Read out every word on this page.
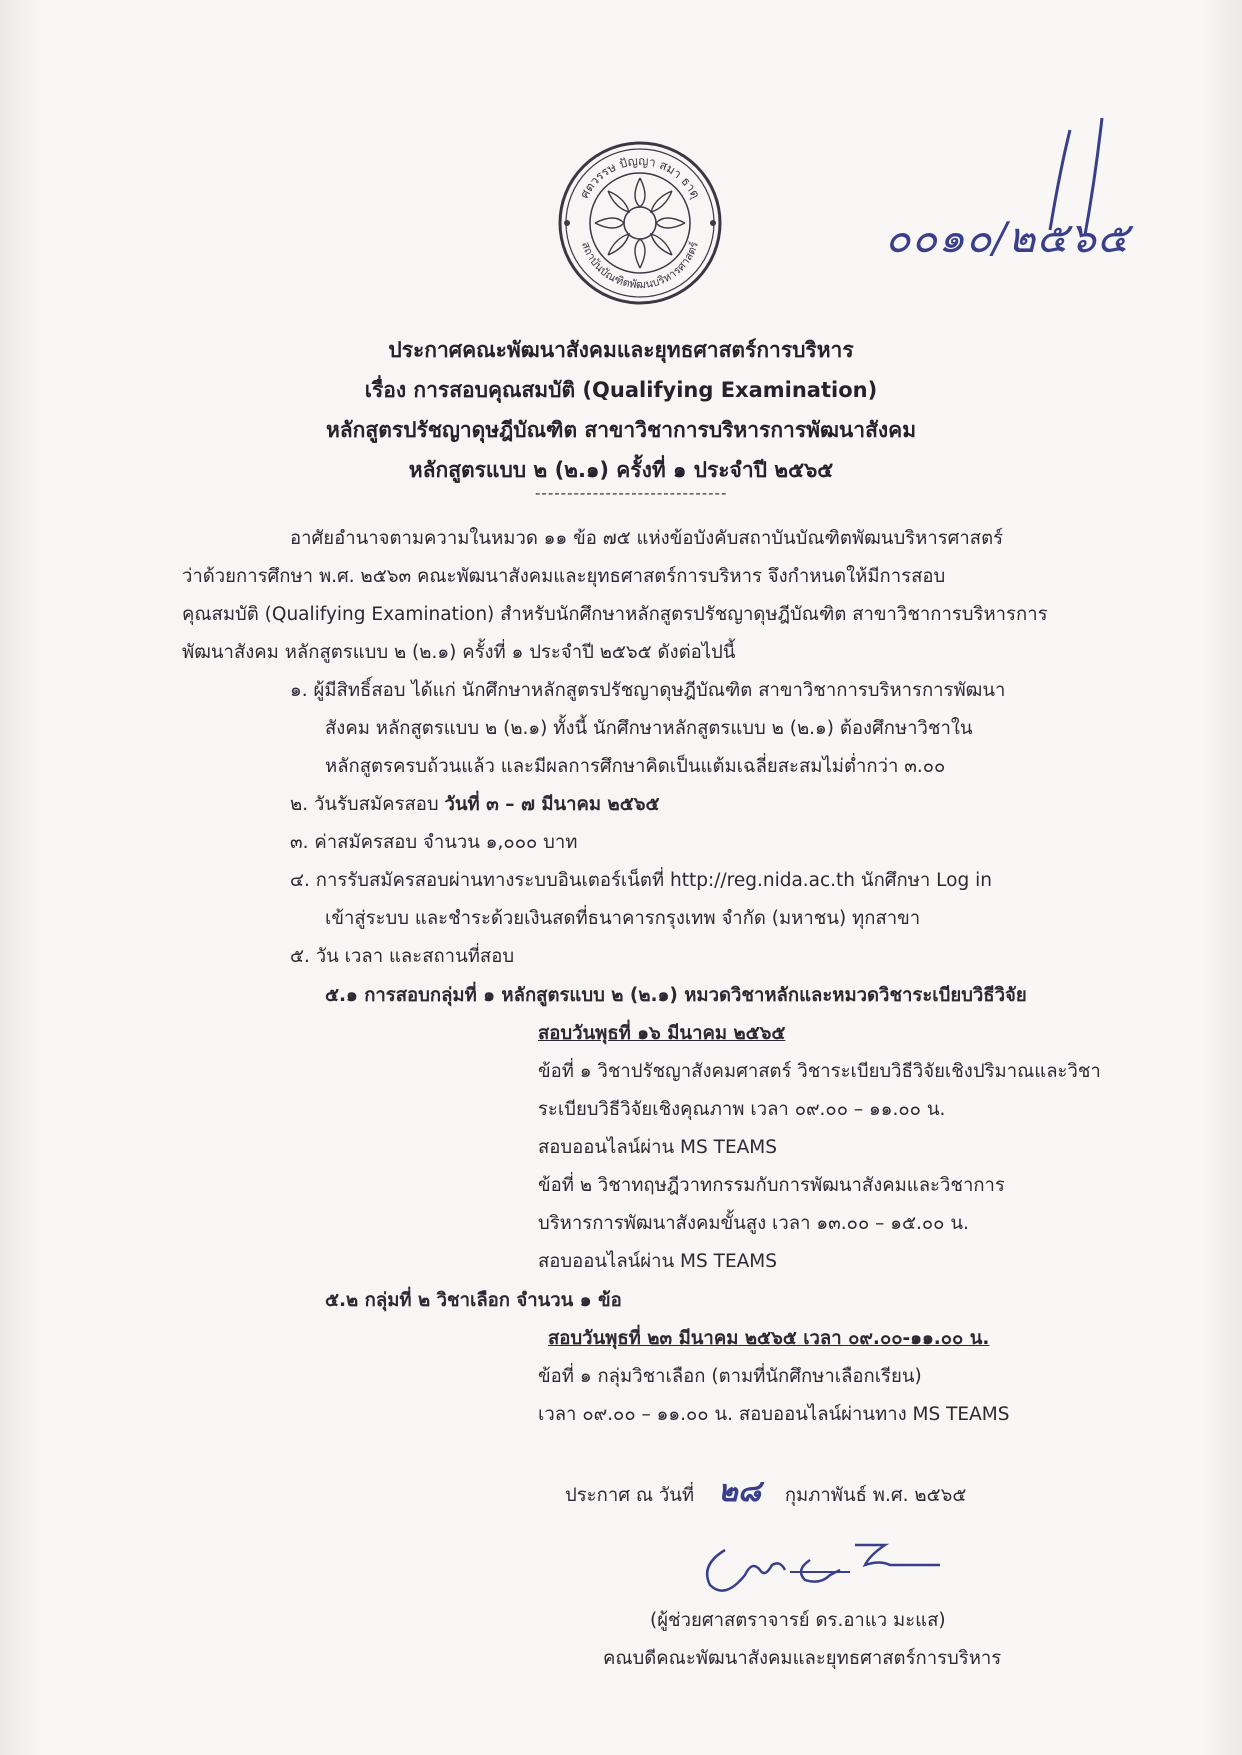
ศตวรรษ ปัญญา สมา ธาตุ
สถาบันบัณฑิตพัฒนบริหารศาสตร์	๐๐๑๐/๒๕๖๕
ประกาศคณะพัฒนาสังคมและยุทธศาสตร์การบริหาร
เรื่อง การสอบคุณสมบัติ (Qualifying Examination)
หลักสูตรปรัชญาดุษฎีบัณฑิต สาขาวิชาการบริหารการพัฒนาสังคม
หลักสูตรแบบ ๒ (๒.๑) ครั้งที่ ๑ ประจำปี ๒๕๖๕
------------------------------
อาศัยอำนาจตามความในหมวด ๑๑ ข้อ ๗๕ แห่งข้อบังคับสถาบันบัณฑิตพัฒนบริหารศาสตร์
ว่าด้วยการศึกษา พ.ศ. ๒๕๖๓ คณะพัฒนาสังคมและยุทธศาสตร์การบริหาร จึงกำหนดให้มีการสอบ
คุณสมบัติ (Qualifying Examination) สำหรับนักศึกษาหลักสูตรปรัชญาดุษฎีบัณฑิต สาขาวิชาการบริหารการ
พัฒนาสังคม หลักสูตรแบบ ๒ (๒.๑) ครั้งที่ ๑ ประจำปี ๒๕๖๕ ดังต่อไปนี้
๑. ผู้มีสิทธิ์สอบ ได้แก่ นักศึกษาหลักสูตรปรัชญาดุษฎีบัณฑิต สาขาวิชาการบริหารการพัฒนา
สังคม หลักสูตรแบบ ๒ (๒.๑) ทั้งนี้ นักศึกษาหลักสูตรแบบ ๒ (๒.๑) ต้องศึกษาวิชาใน
หลักสูตรครบถ้วนแล้ว และมีผลการศึกษาคิดเป็นแต้มเฉลี่ยสะสมไม่ต่ำกว่า ๓.๐๐
๒. วันรับสมัครสอบ วันที่ ๓ – ๗ มีนาคม ๒๕๖๕
๓. ค่าสมัครสอบ จำนวน ๑,๐๐๐ บาท
๔. การรับสมัครสอบผ่านทางระบบอินเตอร์เน็ตที่ http://reg.nida.ac.th นักศึกษา Log in
เข้าสู่ระบบ และชำระด้วยเงินสดที่ธนาคารกรุงเทพ จำกัด (มหาชน) ทุกสาขา
๕. วัน เวลา และสถานที่สอบ
๕.๑ การสอบกลุ่มที่ ๑ หลักสูตรแบบ ๒ (๒.๑) หมวดวิชาหลักและหมวดวิชาระเบียบวิธีวิจัย
สอบวันพุธที่ ๑๖ มีนาคม ๒๕๖๕
ข้อที่ ๑ วิชาปรัชญาสังคมศาสตร์ วิชาระเบียบวิธีวิจัยเชิงปริมาณและวิชา
ระเบียบวิธีวิจัยเชิงคุณภาพ เวลา ๐๙.๐๐ – ๑๑.๐๐ น.
สอบออนไลน์ผ่าน MS TEAMS
ข้อที่ ๒ วิชาทฤษฎีวาทกรรมกับการพัฒนาสังคมและวิชาการ
บริหารการพัฒนาสังคมขั้นสูง เวลา ๑๓.๐๐ – ๑๕.๐๐ น.
สอบออนไลน์ผ่าน MS TEAMS
๕.๒ กลุ่มที่ ๒ วิชาเลือก จำนวน ๑ ข้อ
สอบวันพุธที่ ๒๓ มีนาคม ๒๕๖๕ เวลา ๐๙.๐๐-๑๑.๐๐ น.
ข้อที่ ๑ กลุ่มวิชาเลือก (ตามที่นักศึกษาเลือกเรียน)
เวลา ๐๙.๐๐ – ๑๑.๐๐ น. สอบออนไลน์ผ่านทาง MS TEAMS
ประกาศ ณ วันที่ ๒๘ กุมภาพันธ์ พ.ศ. ๒๕๖๕
(ผู้ช่วยศาสตราจารย์ ดร.อาแว มะแส)
คณบดีคณะพัฒนาสังคมและยุทธศาสตร์การบริหาร
